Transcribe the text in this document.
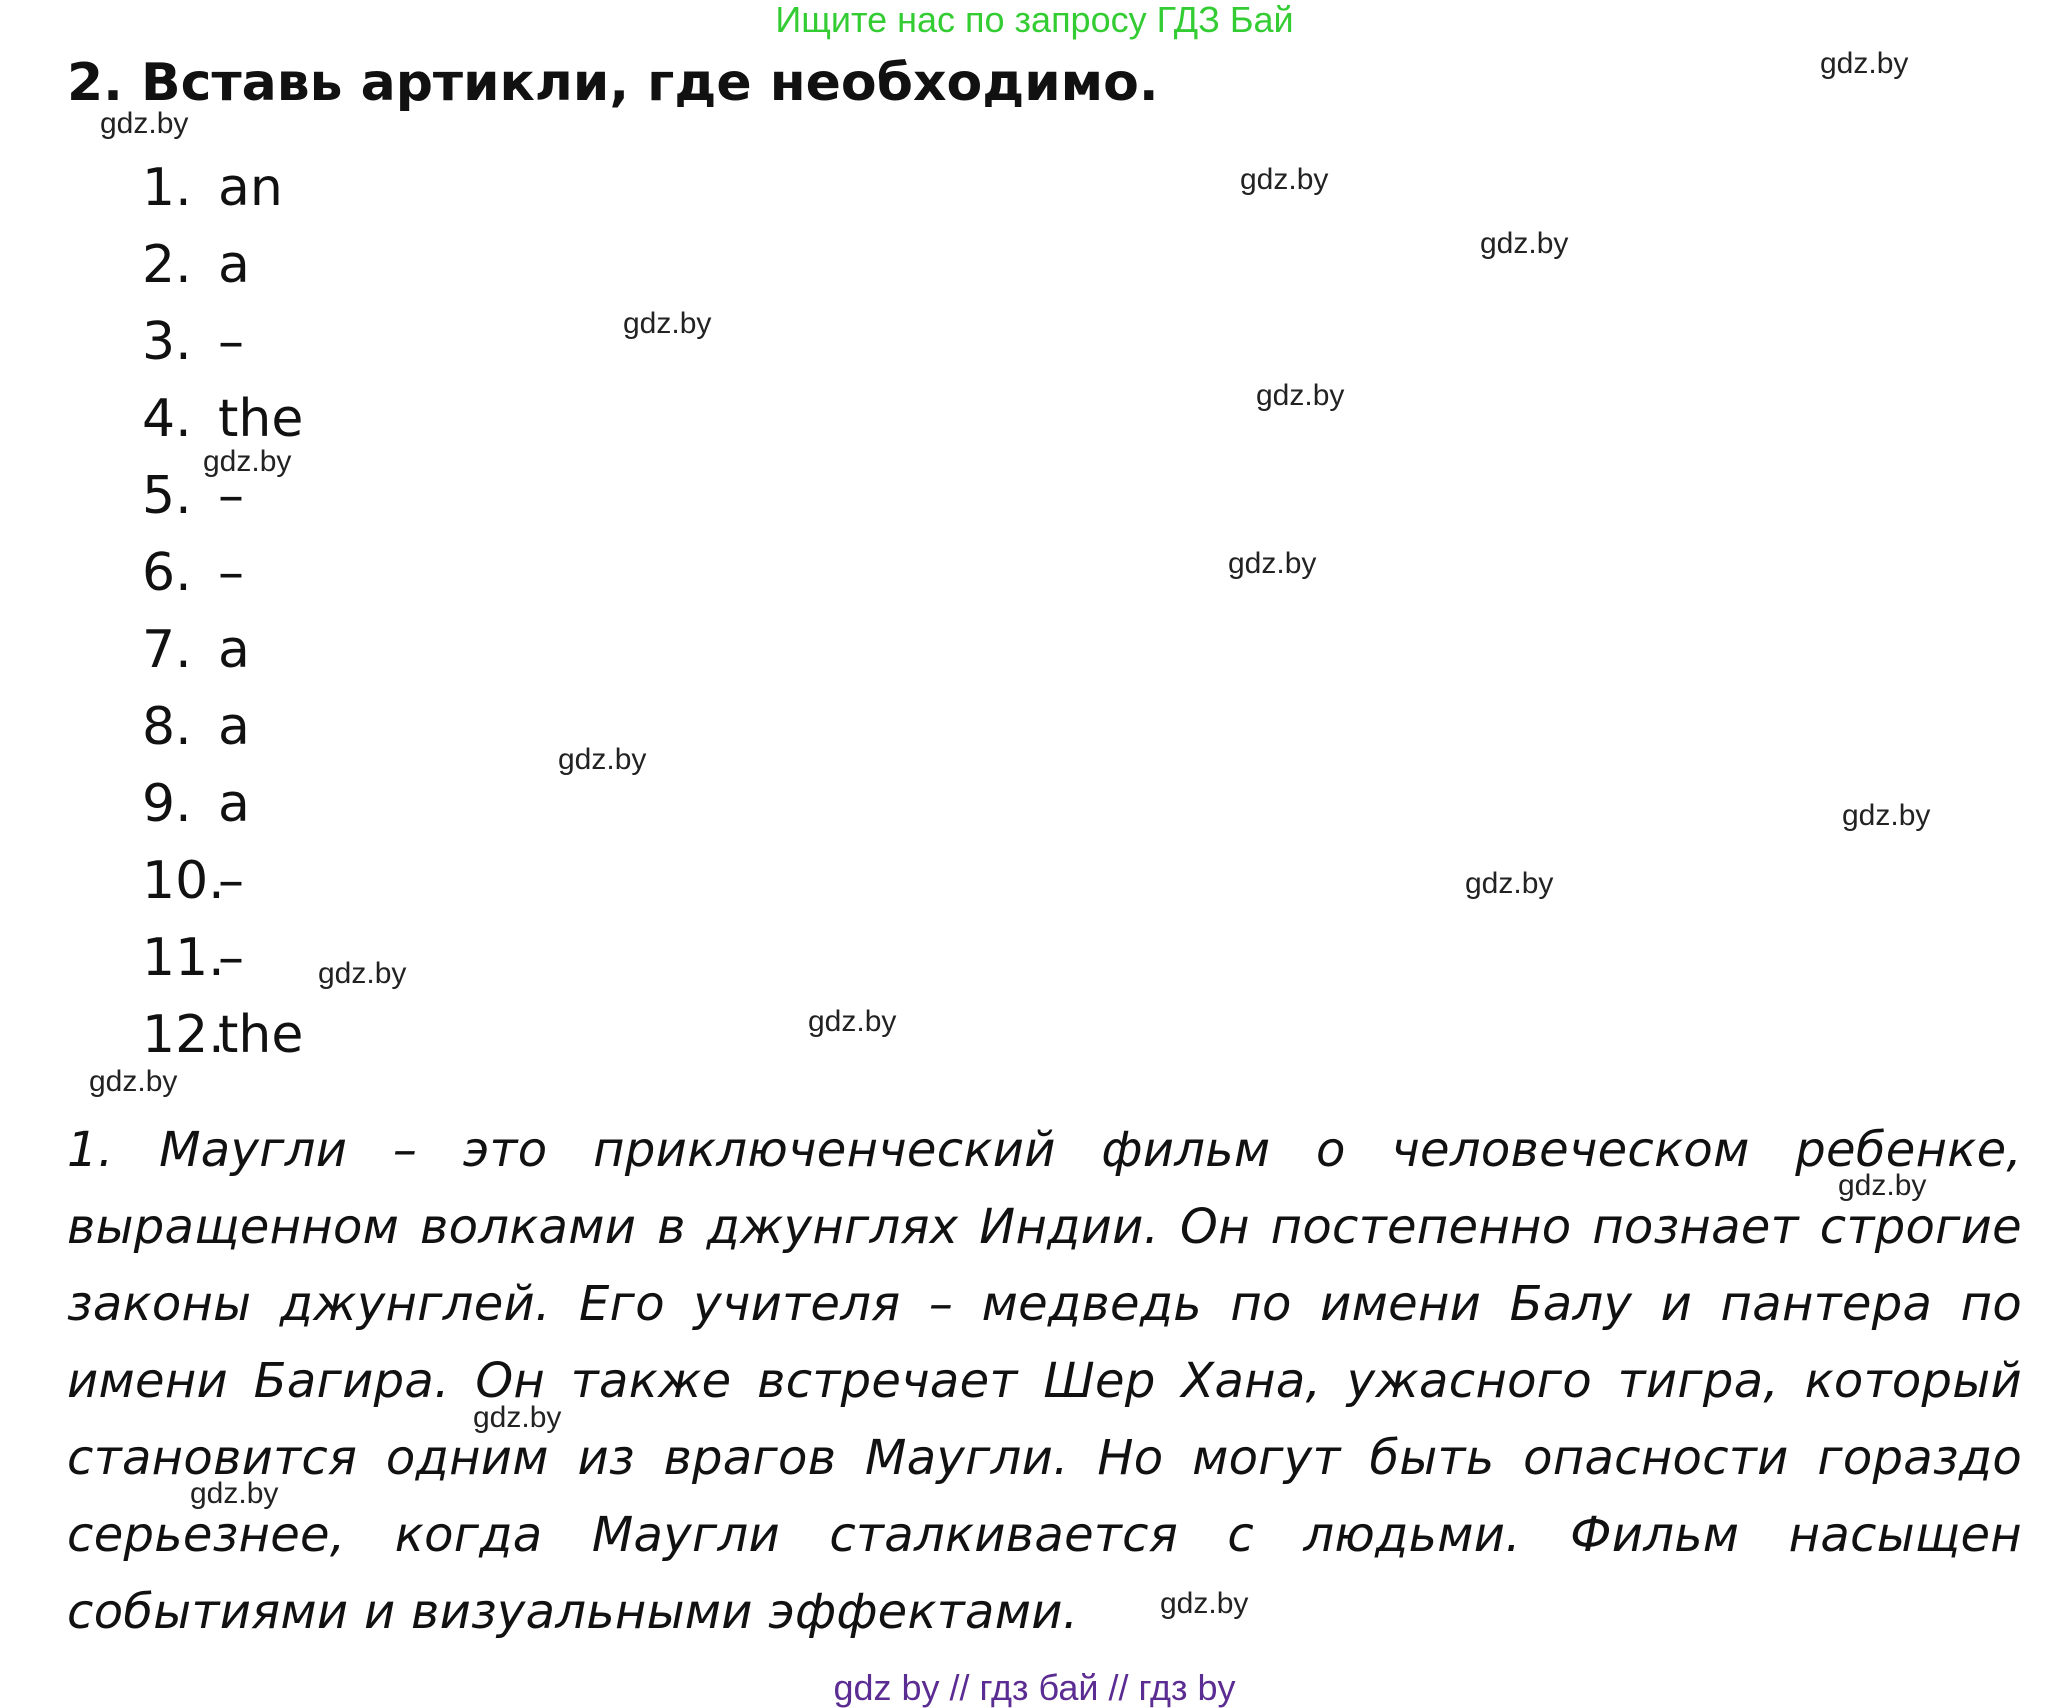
Ищите нас по запросу ГДЗ Бай
2. Вставь артикли, где необходимо.
1. an
2. a
3. –
4. the
5. –
6. –
7. a
8. a
9. a
10.
–
11.
–
12.
the

1. Маугли – это приключенческий фильм о человеческом ребенке, выращенном волками в джунглях Индии. Он постепенно познает строгие законы джунглей. Его учителя – медведь по имени Балу и пантера по имени Багира. Он также встречает Шер Хана, ужасного тигра, который становится одним из врагов Маугли. Но могут быть опасности гораздо серьезнее, когда Маугли сталкивается с людьми. Фильм насыщен событиями и визуальными эффектами.

gdz.by
gdz.by
gdz.by
gdz.by
gdz.by
gdz.by
gdz.by
gdz.by
gdz.by
gdz.by
gdz.by
gdz.by
gdz.by
gdz.by
gdz.by
gdz.by
gdz.by
gdz.by
gdz by // гдз бай // гдз by
